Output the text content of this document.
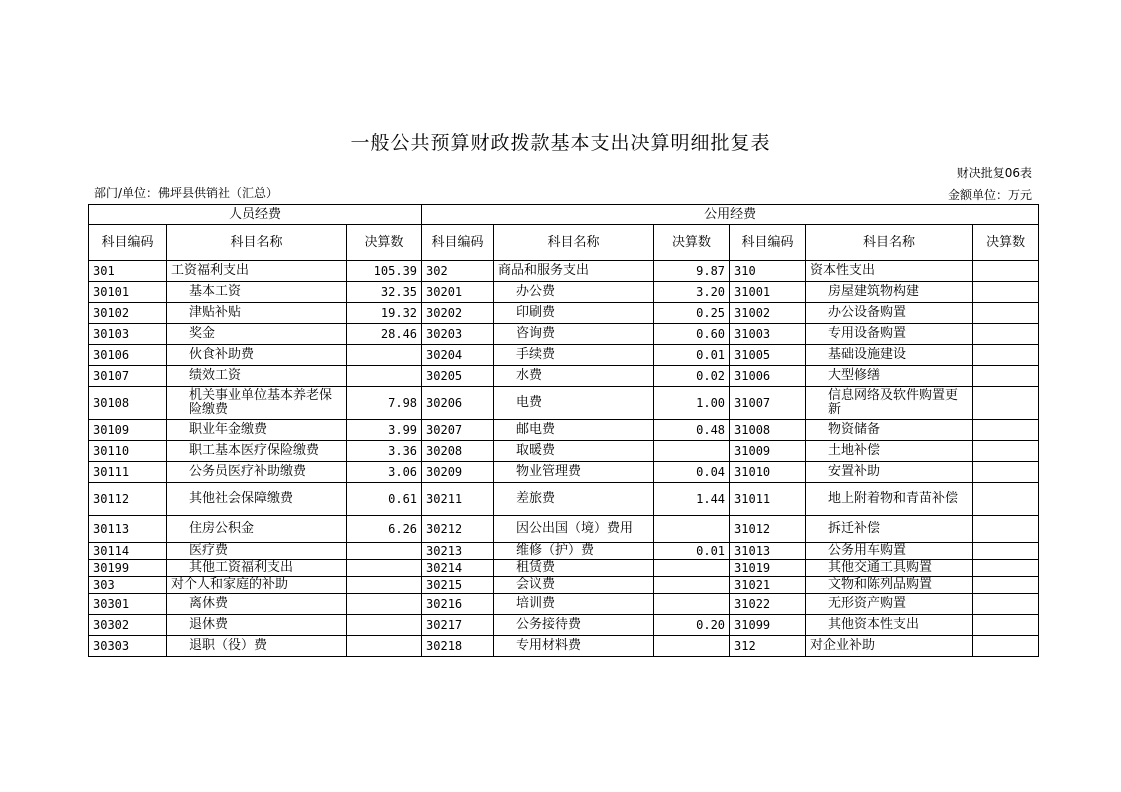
一般公共预算财政拨款基本支出决算明细批复表
财决批复06表
部门/单位：佛坪县供销社（汇总）	金额单位：万元
人员经费			公用经费					
科目编码	科目名称	决算数	科目编码	科目名称	决算数	科目编码	科目名称	决算数
301	工资福利支出	105.39	302	商品和服务支出	9.87	310	资本性支出	
30101	基本工资	32.35	30201	办公费	3.20	31001	房屋建筑物构建	
30102	津贴补贴	19.32	30202	印刷费	0.25	31002	办公设备购置	
30103	奖金	28.46	30203	咨询费	0.60	31003	专用设备购置	
30106	伙食补助费		30204	手续费	0.01	31005	基础设施建设	
30107	绩效工资		30205	水费	0.02	31006	大型修缮	
30108	机关事业单位基本养老保险缴费	7.98	30206	电费	1.00	31007	信息网络及软件购置更新	
30109	职业年金缴费	3.99	30207	邮电费	0.48	31008	物资储备	
30110	职工基本医疗保险缴费	3.36	30208	取暖费		31009	土地补偿	
30111	公务员医疗补助缴费	3.06	30209	物业管理费	0.04	31010	安置补助	
30112	其他社会保障缴费	0.61	30211	差旅费	1.44	31011	地上附着物和青苗补偿	
30113	住房公积金	6.26	30212	因公出国（境）费用		31012	拆迁补偿	
30114	医疗费		30213	维修（护）费	0.01	31013	公务用车购置	
30199	其他工资福利支出		30214	租赁费		31019	其他交通工具购置	
303	对个人和家庭的补助		30215	会议费		31021	文物和陈列品购置	
30301	离休费		30216	培训费		31022	无形资产购置	
30302	退休费		30217	公务接待费	0.20	31099	其他资本性支出	
30303	退职（役）费		30218	专用材料费		312	对企业补助	
